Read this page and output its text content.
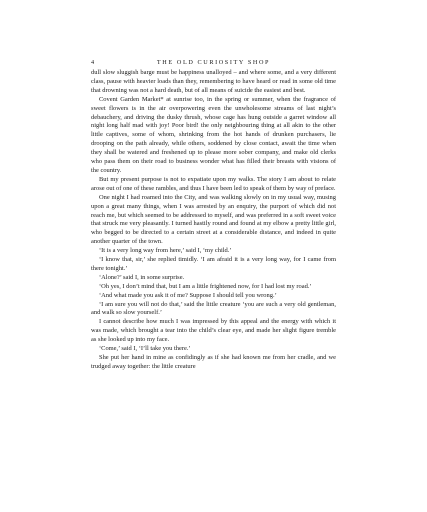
4	THE OLD CURIOSITY SHOP

dull slow sluggish barge must be happiness unalloyed – and where some, and a very different class, pause with heavier loads than they, remembering to have heard or read in some old time that drowning was not a hard death, but of all means of suicide the easiest and best.

Covent Garden Market* at sunrise too, in the spring or summer, when the fragrance of sweet flowers is in the air overpowering even the unwholesome streams of last night’s debauchery, and driving the dusky thrush, whose cage has hung outside a garret window all night long half mad with joy! Poor bird! the only neighbouring thing at all akin to the other little captives, some of whom, shrinking from the hot hands of drunken purchasers, lie drooping on the path already, while others, soddened by close contact, await the time when they shall be watered and freshened up to please more sober company, and make old clerks who pass them on their road to business wonder what has filled their breasts with visions of the country.

But my present purpose is not to expatiate upon my walks. The story I am about to relate arose out of one of these rambles, and thus I have been led to speak of them by way of preface.

One night I had roamed into the City, and was walking slowly on in my usual way, musing upon a great many things, when I was arrested by an enquiry, the purport of which did not reach me, but which seemed to be addressed to myself, and was preferred in a soft sweet voice that struck me very pleasantly. I turned hastily round and found at my elbow a pretty little girl, who begged to be directed to a certain street at a considerable distance, and indeed in quite another quarter of the town.

‘It is a very long way from here,’ said I, ‘my child.’

‘I know that, sir,’ she replied timidly. ‘I am afraid it is a very long way, for I came from there tonight.’

‘Alone?’ said I, in some surprise.

‘Oh yes, I don’t mind that, but I am a little frightened now, for I had lost my road.’

‘And what made you ask it of me? Suppose I should tell you wrong.’

‘I am sure you will not do that,’ said the little creature ‘you are such a very old gentleman, and walk so slow yourself.’

I cannot describe how much I was impressed by this appeal and the energy with which it was made, which brought a tear into the child’s clear eye, and made her slight figure tremble as she looked up into my face.

‘Come,’ said I, ‘I’ll take you there.’

She put her hand in mine as confidingly as if she had known me from her cradle, and we trudged away together: the little creature
